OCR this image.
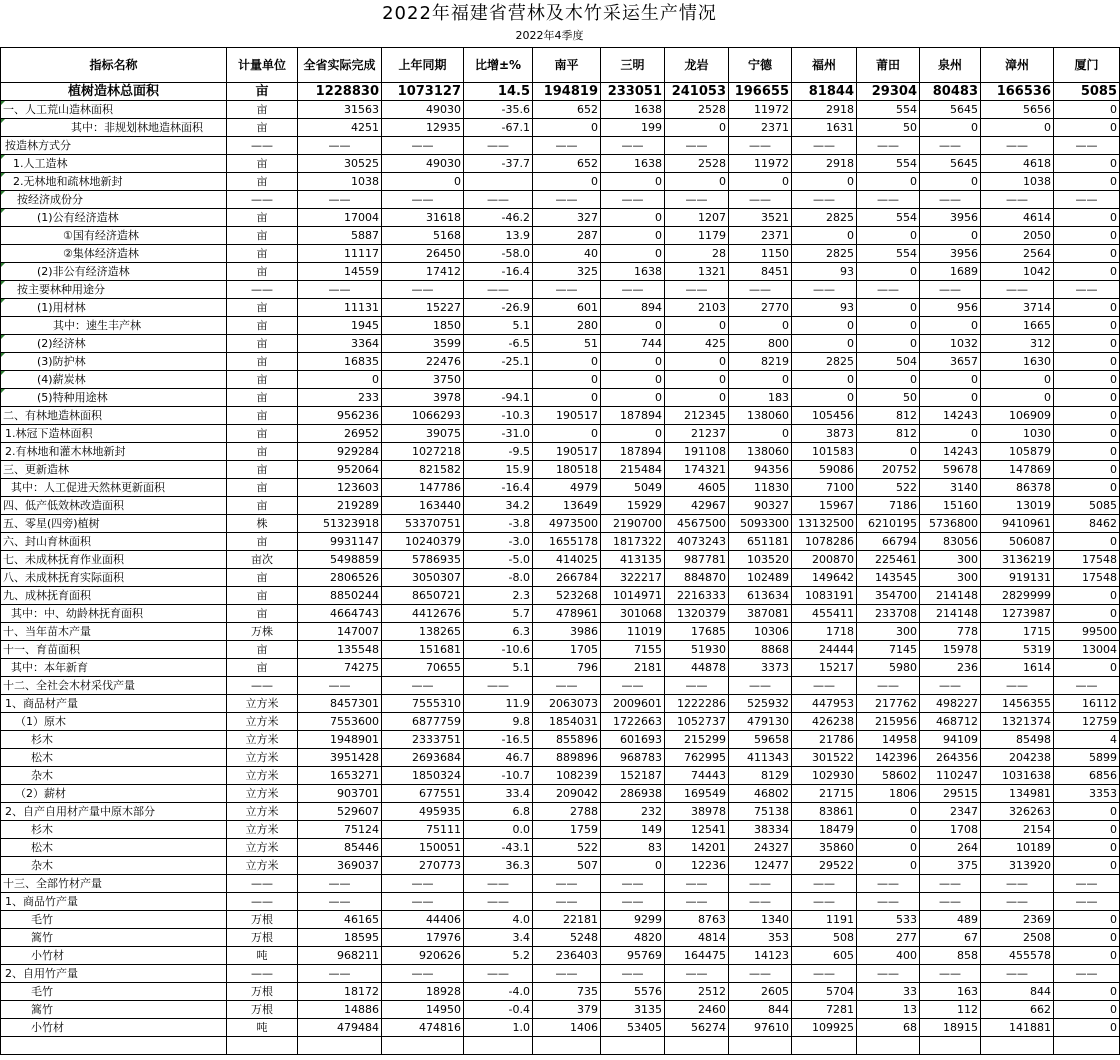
2022年福建省营林及木竹采运生产情况
2022年4季度
指标名称	计量单位	全省实际完成	上年同期	比增±%	南平	三明	龙岩	宁德	福州	莆田	泉州	漳州	厦门
植树造林总面积	亩	1228830	1073127	14.5	194819	233051	241053	196655	81844	29304	80483	166536	5085
一、人工荒山造林面积	亩	31563	49030	-35.6	652	1638	2528	11972	2918	554	5645	5656	0
其中：非规划林地造林面积	亩	4251	12935	-67.1	0	199	0	2371	1631	50	0	0	0
按造林方式分	——	——	——	——	——	——	——	——	——	——	——	——	——
1.人工造林	亩	30525	49030	-37.7	652	1638	2528	11972	2918	554	5645	4618	0
2.无林地和疏林地新封	亩	1038	0		0	0	0	0	0	0	0	1038	0
按经济成份分	——	——	——	——	——	——	——	——	——	——	——	——	——
(1)公有经济造林	亩	17004	31618	-46.2	327	0	1207	3521	2825	554	3956	4614	0
①国有经济造林	亩	5887	5168	13.9	287	0	1179	2371	0	0	0	2050	0
②集体经济造林	亩	11117	26450	-58.0	40	0	28	1150	2825	554	3956	2564	0
(2)非公有经济造林	亩	14559	17412	-16.4	325	1638	1321	8451	93	0	1689	1042	0
按主要林种用途分	——	——	——	——	——	——	——	——	——	——	——	——	——
(1)用材林	亩	11131	15227	-26.9	601	894	2103	2770	93	0	956	3714	0
其中：速生丰产林	亩	1945	1850	5.1	280	0	0	0	0	0	0	1665	0
(2)经济林	亩	3364	3599	-6.5	51	744	425	800	0	0	1032	312	0
(3)防护林	亩	16835	22476	-25.1	0	0	0	8219	2825	504	3657	1630	0
(4)薪炭林	亩	0	3750		0	0	0	0	0	0	0	0	0
(5)特种用途林	亩	233	3978	-94.1	0	0	0	183	0	50	0	0	0
二、有林地造林面积	亩	956236	1066293	-10.3	190517	187894	212345	138060	105456	812	14243	106909	0
1.林冠下造林面积	亩	26952	39075	-31.0	0	0	21237	0	3873	812	0	1030	0
2.有林地和灌木林地新封	亩	929284	1027218	-9.5	190517	187894	191108	138060	101583	0	14243	105879	0
三、更新造林	亩	952064	821582	15.9	180518	215484	174321	94356	59086	20752	59678	147869	0
其中：人工促进天然林更新面积	亩	123603	147786	-16.4	4979	5049	4605	11830	7100	522	3140	86378	0
四、低产低效林改造面积	亩	219289	163440	34.2	13649	15929	42967	90327	15967	7186	15160	13019	5085
五、零星(四旁)植树	株	51323918	53370751	-3.8	4973500	2190700	4567500	5093300	13132500	6210195	5736800	9410961	8462
六、封山育林面积	亩	9931147	10240379	-3.0	1655178	1817322	4073243	651181	1078286	66794	83056	506087	0
七、未成林抚育作业面积	亩次	5498859	5786935	-5.0	414025	413135	987781	103520	200870	225461	300	3136219	17548
八、未成林抚育实际面积	亩	2806526	3050307	-8.0	266784	322217	884870	102489	149642	143545	300	919131	17548
九、成林抚育面积	亩	8850244	8650721	2.3	523268	1014971	2216333	613634	1083191	354700	214148	2829999	0
其中：中、幼龄林抚育面积	亩	4664743	4412676	5.7	478961	301068	1320379	387081	455411	233708	214148	1273987	0
十、当年苗木产量	万株	147007	138265	6.3	3986	11019	17685	10306	1718	300	778	1715	99500
十一、育苗面积	亩	135548	151681	-10.6	1705	7155	51930	8868	24444	7145	15978	5319	13004
其中：本年新育	亩	74275	70655	5.1	796	2181	44878	3373	15217	5980	236	1614	0
十二、全社会木材采伐产量	——	——	——	——	——	——	——	——	——	——	——	——	——
1、商品材产量	立方米	8457301	7555310	11.9	2063073	2009601	1222286	525932	447953	217762	498227	1456355	16112
（1）原木	立方米	7553600	6877759	9.8	1854031	1722663	1052737	479130	426238	215956	468712	1321374	12759
杉木	立方米	1948901	2333751	-16.5	855896	601693	215299	59658	21786	14958	94109	85498	4
松木	立方米	3951428	2693684	46.7	889896	968783	762995	411343	301522	142396	264356	204238	5899
杂木	立方米	1653271	1850324	-10.7	108239	152187	74443	8129	102930	58602	110247	1031638	6856
（2）薪材	立方米	903701	677551	33.4	209042	286938	169549	46802	21715	1806	29515	134981	3353
2、自产自用材产量中原木部分	立方米	529607	495935	6.8	2788	232	38978	75138	83861	0	2347	326263	0
杉木	立方米	75124	75111	0.0	1759	149	12541	38334	18479	0	1708	2154	0
松木	立方米	85446	150051	-43.1	522	83	14201	24327	35860	0	264	10189	0
杂木	立方米	369037	270773	36.3	507	0	12236	12477	29522	0	375	313920	0
十三、全部竹材产量	——	——	——	——	——	——	——	——	——	——	——	——	——
1、商品竹产量	——	——	——	——	——	——	——	——	——	——	——	——	——
毛竹	万根	46165	44406	4.0	22181	9299	8763	1340	1191	533	489	2369	0
篙竹	万根	18595	17976	3.4	5248	4820	4814	353	508	277	67	2508	0
小竹材	吨	968211	920626	5.2	236403	95769	164475	14123	605	400	858	455578	0
2、自用竹产量	——	——	——	——	——	——	——	——	——	——	——	——	——
毛竹	万根	18172	18928	-4.0	735	5576	2512	2605	5704	33	163	844	0
篙竹	万根	14886	14950	-0.4	379	3135	2460	844	7281	13	112	662	0
小竹材	吨	479484	474816	1.0	1406	53405	56274	97610	109925	68	18915	141881	0
